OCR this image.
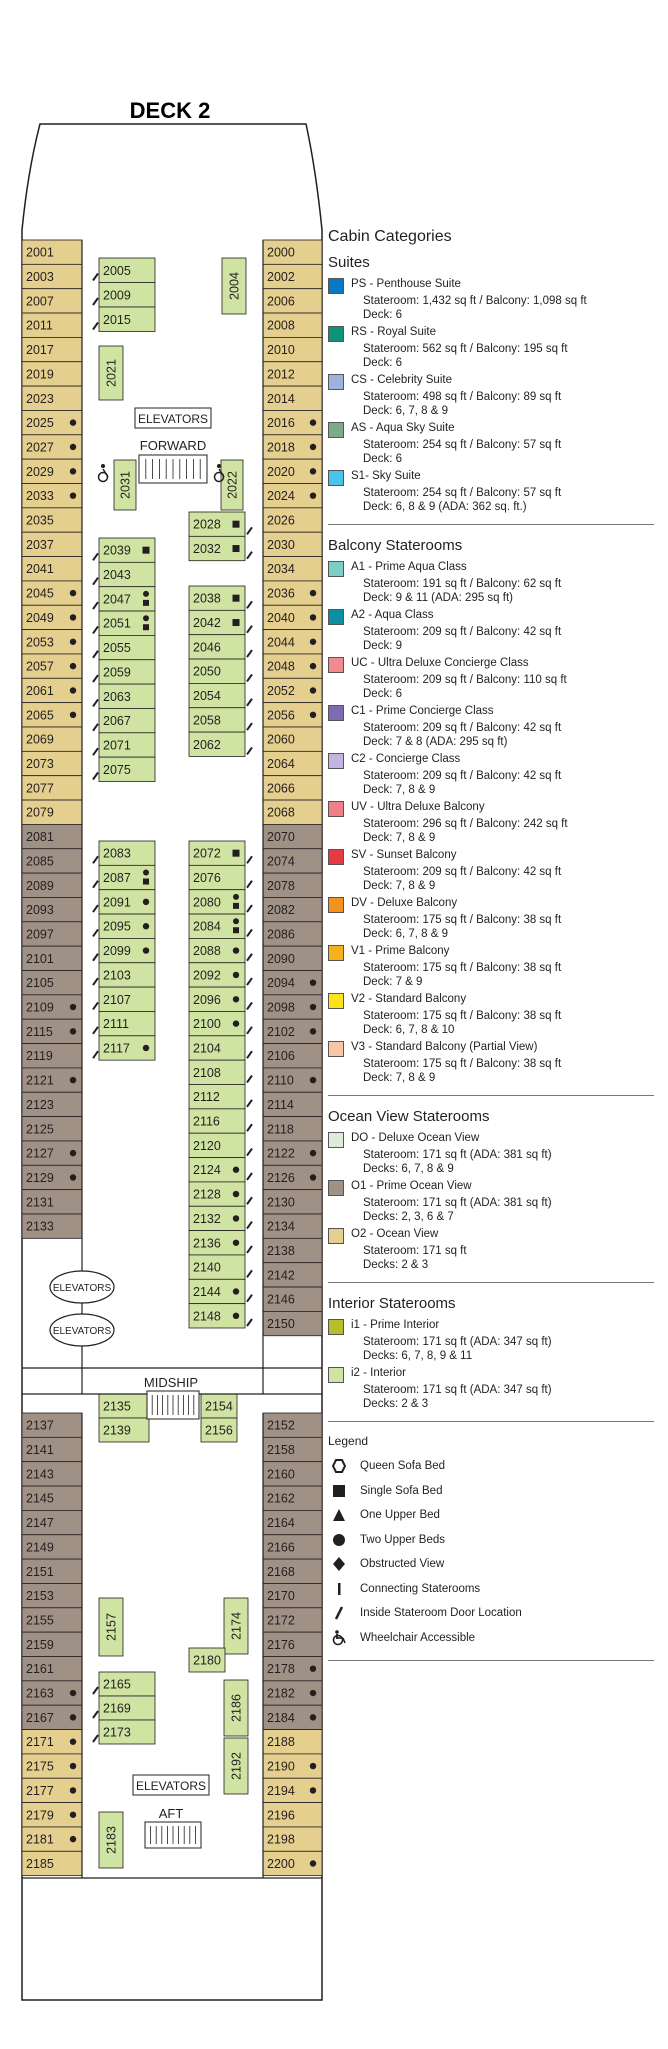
DECK 2
2001
2003
2007
2011
2017
2019
2023
2025
2027
2029
2033
2035
2037
2041
2045
2049
2053
2057
2061
2065
2069
2073
2077
2079
2081
2085
2089
2093
2097
2101
2105
2109
2115
2119
2121
2123
2125
2127
2129
2131
2133
2137
2141
2143
2145
2147
2149
2151
2153
2155
2159
2161
2163
2167
2171
2175
2177
2179
2181
2185
2000
2002
2006
2008
2010
2012
2014
2016
2018
2020
2024
2026
2030
2034
2036
2040
2044
2048
2052
2056
2060
2064
2066
2068
2070
2074
2078
2082
2086
2090
2094
2098
2102
2106
2110
2114
2118
2122
2126
2130
2134
2138
2142
2146
2150
2152
2158
2160
2162
2164
2166
2168
2170
2172
2176
2178
2182
2184
2188
2190
2194
2196
2198
2200
2005
2009
2015
2039
2043
2047
2051
2055
2059
2063
2067
2071
2075
2028
2032
2038
2042
2046
2050
2054
2058
2062
2083
2087
2091
2095
2099
2103
2107
2111
2117
2072
2076
2080
2084
2088
2092
2096
2100
2104
2108
2112
2116
2120
2124
2128
2132
2136
2140
2144
2148
2135
2139
2154
2156
2165
2169
2173
2004
2021
2031	2022
2157	2174
2180
2186
2192
2183
ELEVATORS
ELEVATORS
FORWARD
MIDSHIP
AFT
ELEVATORS
ELEVATORS
Cabin Categories
Suites
PS - Penthouse Suite
Stateroom: 1,432 sq ft / Balcony: 1,098 sq ft
Deck: 6
RS - Royal Suite
Stateroom: 562 sq ft / Balcony: 195 sq ft
Deck: 6
CS - Celebrity Suite
Stateroom: 498 sq ft / Balcony: 89 sq ft
Deck: 6, 7, 8 & 9
AS - Aqua Sky Suite
Stateroom: 254 sq ft / Balcony: 57 sq ft
Deck: 6
S1- Sky Suite
Stateroom: 254 sq ft / Balcony: 57 sq ft
Deck: 6, 8 & 9 (ADA: 362 sq. ft.)
Balcony Staterooms
A1 - Prime Aqua Class
Stateroom: 191 sq ft / Balcony: 62 sq ft
Deck: 9 & 11 (ADA: 295 sq ft)
A2 - Aqua Class
Stateroom: 209 sq ft / Balcony: 42 sq ft
Deck: 9
UC - Ultra Deluxe Concierge Class
Stateroom: 209 sq ft / Balcony: 110 sq ft
Deck: 6
C1 - Prime Concierge Class
Stateroom: 209 sq ft / Balcony: 42 sq ft
Deck: 7 & 8 (ADA: 295 sq ft)
C2 - Concierge Class
Stateroom: 209 sq ft / Balcony: 42 sq ft
Deck: 7, 8 & 9
UV - Ultra Deluxe Balcony
Stateroom: 296 sq ft / Balcony: 242 sq ft
Deck: 7, 8 & 9
SV - Sunset Balcony
Stateroom: 209 sq ft / Balcony: 42 sq ft
Deck: 7, 8 & 9
DV - Deluxe Balcony
Stateroom: 175 sq ft / Balcony: 38 sq ft
Deck: 6, 7, 8 & 9
V1 - Prime Balcony
Stateroom: 175 sq ft / Balcony: 38 sq ft
Deck: 7 & 9
V2 - Standard Balcony
Stateroom: 175 sq ft / Balcony: 38 sq ft
Deck: 6, 7, 8 & 10
V3 - Standard Balcony (Partial View)
Stateroom: 175 sq ft / Balcony: 38 sq ft
Deck: 7, 8 & 9
Ocean View Staterooms
DO - Deluxe Ocean View
Stateroom: 171 sq ft (ADA: 381 sq ft)
Decks: 6, 7, 8 & 9
O1 - Prime Ocean View
Stateroom: 171 sq ft (ADA: 381 sq ft)
Decks: 2, 3, 6 & 7
O2 - Ocean View
Stateroom: 171 sq ft
Decks: 2 & 3
Interior Staterooms
i1 - Prime Interior
Stateroom: 171 sq ft (ADA: 347 sq ft)
Decks: 6, 7, 8, 9 & 11
i2 - Interior
Stateroom: 171 sq ft (ADA: 347 sq ft)
Decks: 2 & 3
Legend
Queen Sofa Bed
Single Sofa Bed
One Upper Bed
Two Upper Beds
Obstructed View
Connecting Staterooms
Inside Stateroom Door Location
Wheelchair Accessible
